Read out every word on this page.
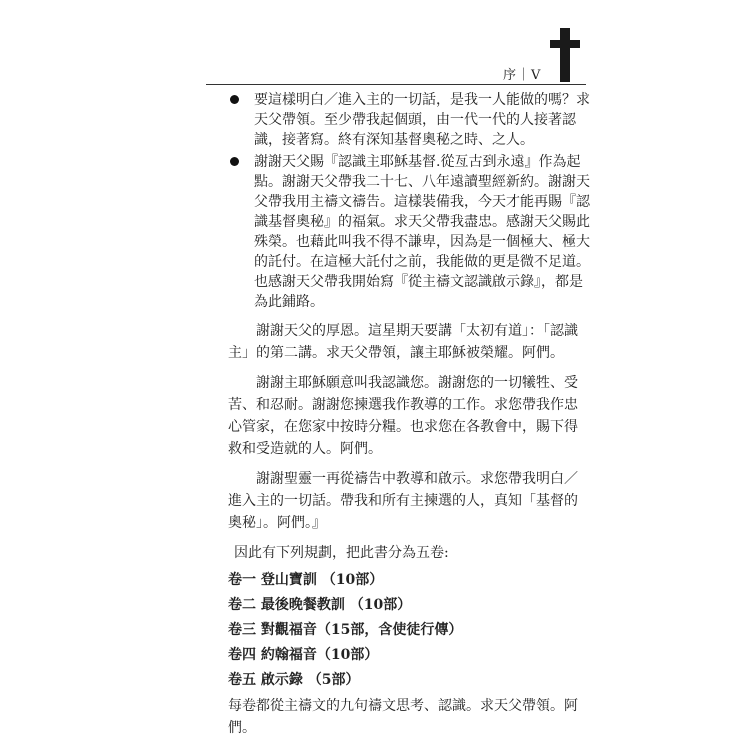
序｜V

要這樣明白／進入主的一切話，是我一人能做的嗎？求天父帶領。至少帶我起個頭，由一代一代的人接著認識，接著寫。終有深知基督奧秘之時、之人。

謝謝天父賜『認識主耶穌基督.從亙古到永遠』作為起點。謝謝天父帶我二十七、八年遠讀聖經新約。謝謝天父帶我用主禱文禱告。這樣裝備我，今天才能再賜『認識基督奧秘』的福氣。求天父帶我盡忠。感謝天父賜此殊榮。也藉此叫我不得不謙卑，因為是一個極大、極大的託付。在這極大託付之前，我能做的更是微不足道。也感謝天父帶我開始寫『從主禱文認識啟示錄』，都是為此鋪路。

謝謝天父的厚恩。這星期天要講「太初有道」：「認識主」的第二講。求天父帶領，讓主耶穌被榮耀。阿們。

謝謝主耶穌願意叫我認識您。謝謝您的一切犧牲、受苦、和忍耐。謝謝您揀選我作教導的工作。求您帶我作忠心管家，在您家中按時分糧。也求您在各教會中，賜下得救和受造就的人。阿們。

謝謝聖靈一再從禱告中教導和啟示。求您帶我明白／進入主的一切話。帶我和所有主揀選的人，真知「基督的奧秘」。阿們。』

因此有下列規劃，把此書分為五卷:

卷一 登山寶訓 （10部）

卷二 最後晚餐教訓 （10部）

卷三 對觀福音（15部，含使徒行傳）

卷四 約翰福音（10部）

卷五 啟示錄 （5部）

每卷都從主禱文的九句禱文思考、認識。求天父帶領。阿們。
